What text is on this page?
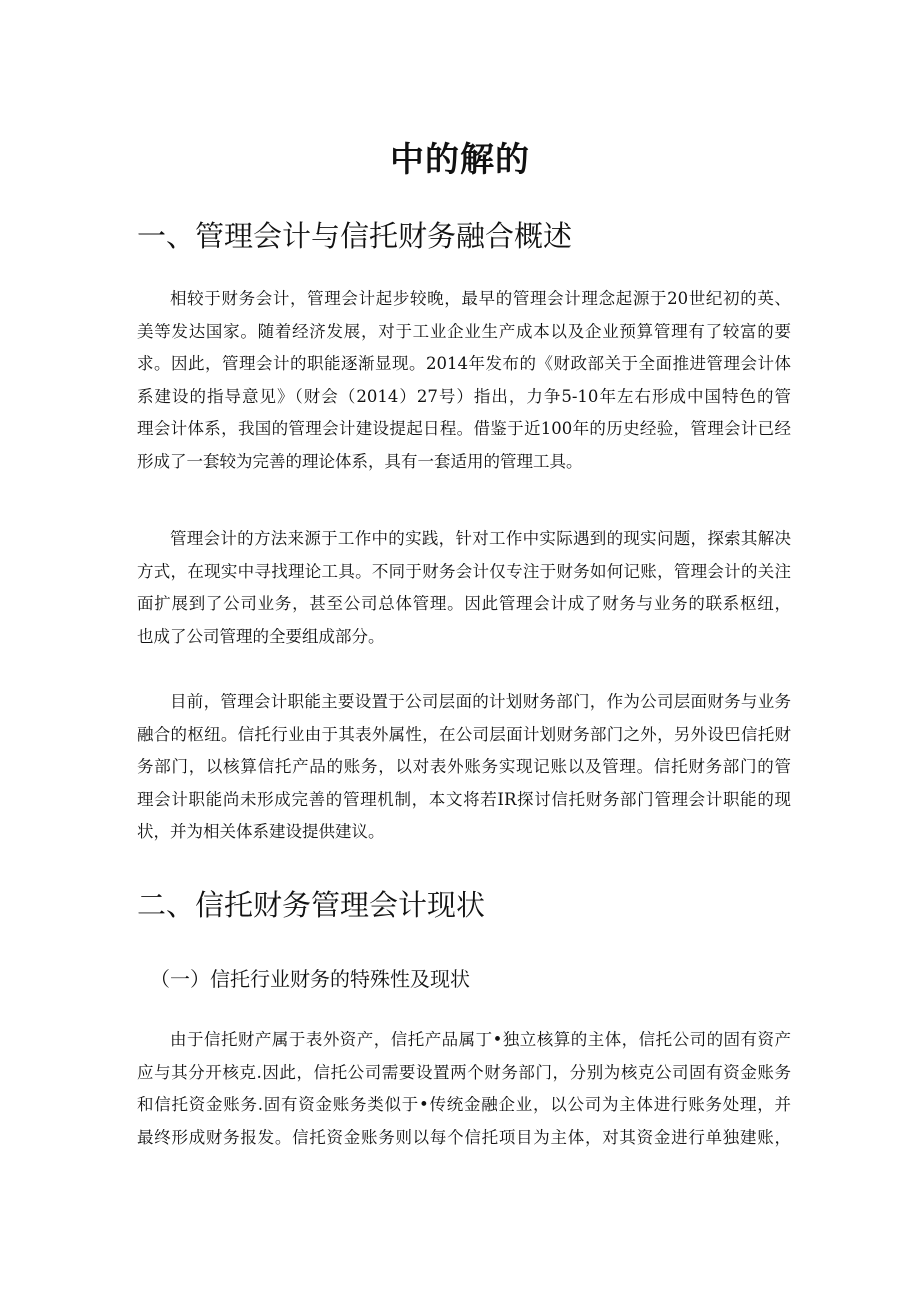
中的解的
一、管理会计与信托财务融合概述
相较于财务会计，管理会计起步较晚，最早的管理会计理念起源于20世纪初的英、
美等发达国家。随着经济发展，对于工业企业生产成本以及企业预算管理有了较富的要
求。因此，管理会计的职能逐渐显现。2014年发布的《财政部关于全面推进管理会计体
系建设的指导意见》（财会（2014）27号）指出，力争5-10年左右形成中国特色的管
理会计体系，我国的管理会计建设提起日程。借鉴于近100年的历史经验，管理会计已经
形成了一套较为完善的理论体系，具有一套适用的管理工具。
管理会计的方法来源于工作中的实践，针对工作中实际遇到的现实问题，探索其解决
方式，在现实中寻找理论工具。不同于财务会计仅专注于财务如何记账，管理会计的关注
面扩展到了公司业务，甚至公司总体管理。因此管理会计成了财务与业务的联系枢纽，
也成了公司管理的全要组成部分。
目前，管理会计职能主要设置于公司层面的计划财务部门，作为公司层面财务与业务
融合的枢纽。信托行业由于其表外属性，在公司层面计划财务部门之外，另外设巴信托财
务部门，以核算信托产品的账务，以对表外账务实现记账以及管理。信托财务部门的管
理会计职能尚未形成完善的管理机制，本文将若IR探讨信托财务部门管理会计职能的现
状，并为相关体系建设提供建议。
二、信托财务管理会计现状
（一）信托行业财务的特殊性及现状
由于信托财产属于表外资产，信托产品属丁•独立核算的主体，信托公司的固有资产
应与其分开核克.因此，信托公司需要设置两个财务部门，分别为核克公司固有资金账务
和信托资金账务.固有资金账务类似于•传统金融企业，以公司为主体进行账务处理，并
最终形成财务报发。信托资金账务则以每个信托项目为主体，对其资金进行单独建账，
